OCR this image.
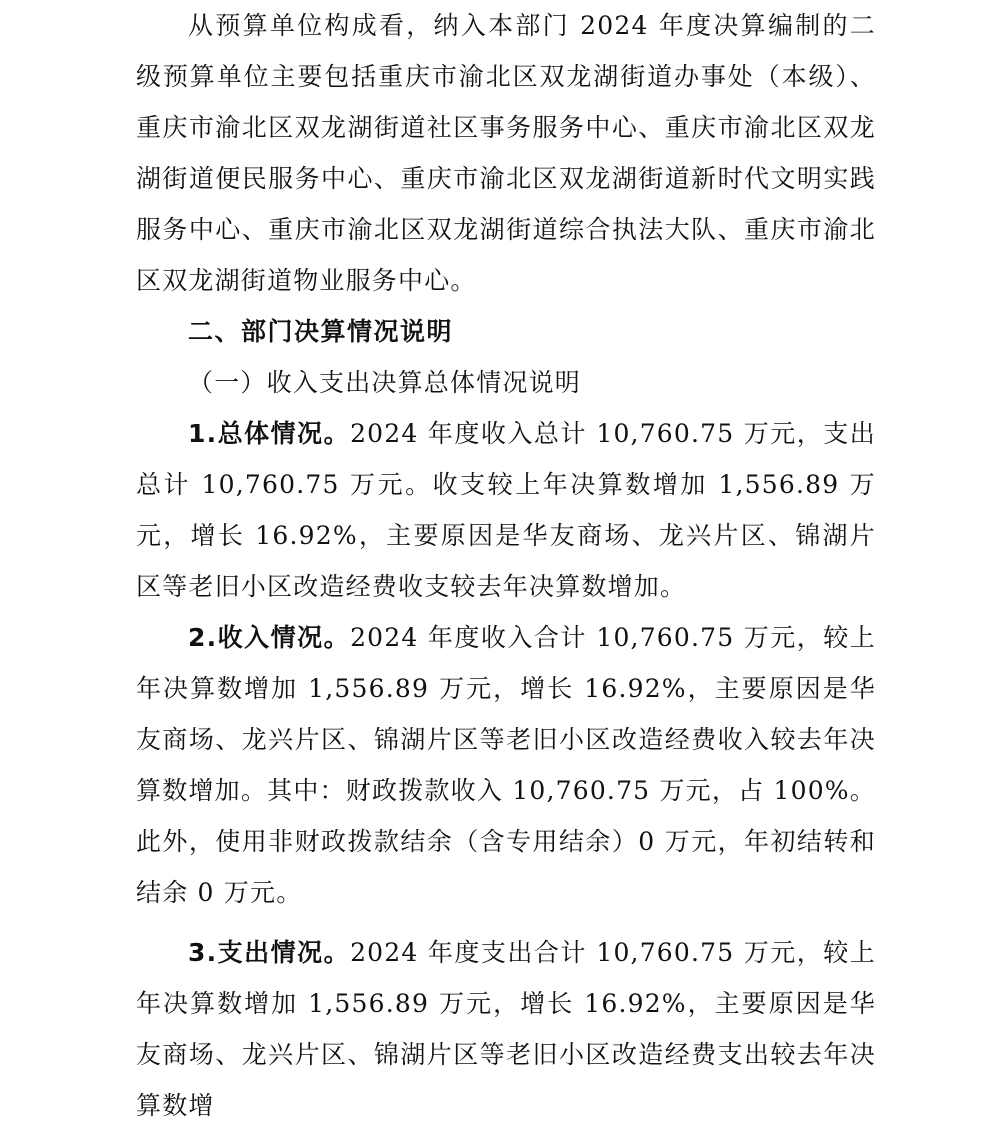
从预算单位构成看，纳入本部门 2024 年度决算编制的二级预算单位主要包括重庆市渝北区双龙湖街道办事处（本级）、重庆市渝北区双龙湖街道社区事务服务中心、重庆市渝北区双龙湖街道便民服务中心、重庆市渝北区双龙湖街道新时代文明实践服务中心、重庆市渝北区双龙湖街道综合执法大队、重庆市渝北区双龙湖街道物业服务中心。

二、部门决算情况说明

（一）收入支出决算总体情况说明

1.总体情况。2024 年度收入总计 10,760.75 万元，支出总计 10,760.75 万元。收支较上年决算数增加 1,556.89 万元，增长 16.92%，主要原因是华友商场、龙兴片区、锦湖片区等老旧小区改造经费收支较去年决算数增加。

2.收入情况。2024 年度收入合计 10,760.75 万元，较上年决算数增加 1,556.89 万元，增长 16.92%，主要原因是华友商场、龙兴片区、锦湖片区等老旧小区改造经费收入较去年决算数增加。其中：财政拨款收入 10,760.75 万元，占 100%。此外，使用非财政拨款结余（含专用结余）0 万元，年初结转和结余 0 万元。

3.支出情况。2024 年度支出合计 10,760.75 万元，较上年决算数增加 1,556.89 万元，增长 16.92%，主要原因是华友商场、龙兴片区、锦湖片区等老旧小区改造经费支出较去年决算数增
